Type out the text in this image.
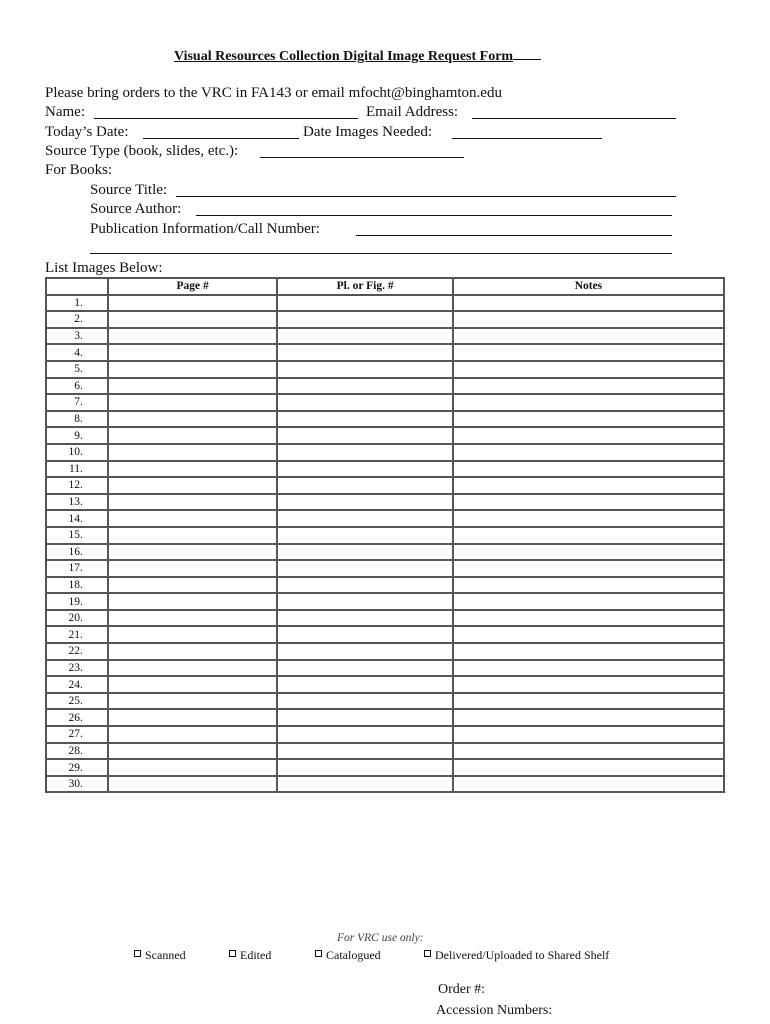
Visual Resources Collection Digital Image Request Form
Please bring orders to the VRC in FA143 or email mfocht@binghamton.edu
Name:	Email Address:
Today’s Date:	Date Images Needed:
Source Type (book, slides, etc.):
For Books:
Source Title:
Source Author:
Publication Information/Call Number:
List Images Below:
	Page #	Pl. or Fig. #	Notes
1.			
2.			
3.			
4.			
5.			
6.			
7.			
8.			
9.			
10.			
11.			
12.			
13.			
14.			
15.			
16.			
17.			
18.			
19.			
20.			
21.			
22.			
23.			
24.			
25.			
26.			
27.			
28.			
29.			
30.			
For VRC use only:
Scanned	Edited	Catalogued	Delivered/Uploaded to Shared Shelf
Order #:
Accession Numbers:
